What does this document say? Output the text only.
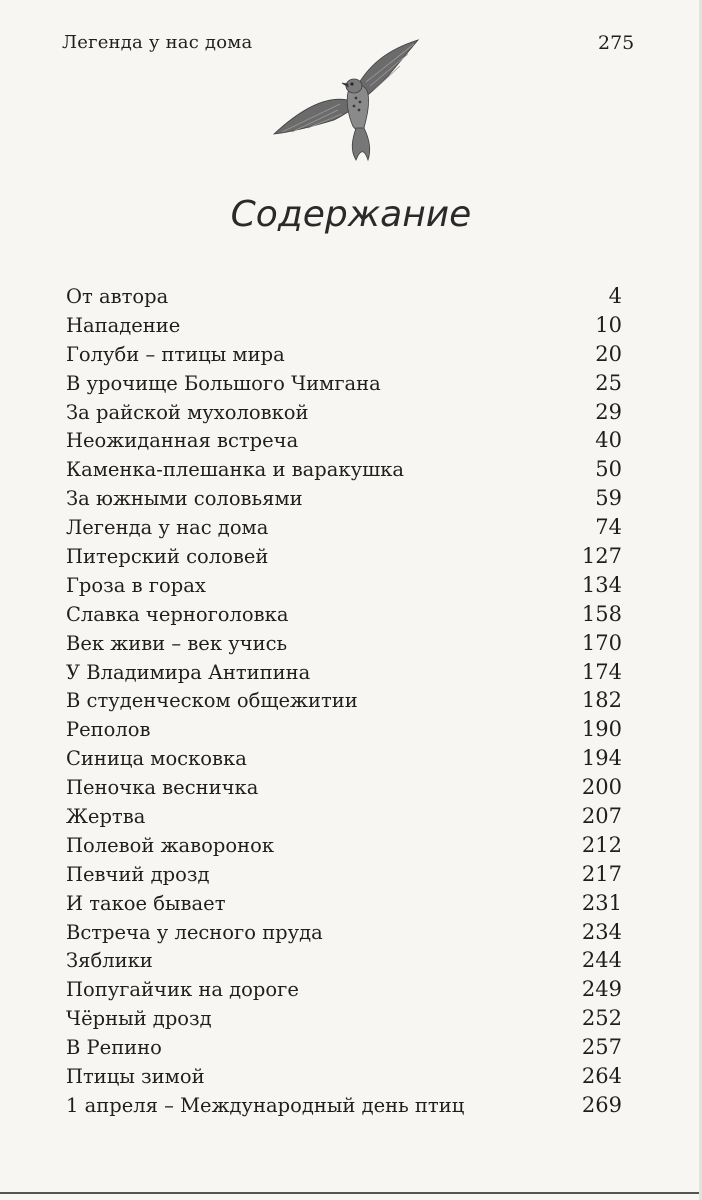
Легенда у нас дома	275
Содержание
От автора	4
Нападение	10
Голуби – птицы мира	20
В урочище Большого Чимгана	25
За райской мухоловкой	29
Неожиданная встреча	40
Каменка-плешанка и варакушка	50
За южными соловьями	59
Легенда у нас дома	74
Питерский соловей	127
Гроза в горах	134
Славка черноголовка	158
Век живи – век учись	170
У Владимира Антипина	174
В студенческом общежитии	182
Реполов	190
Синица московка	194
Пеночка весничка	200
Жертва	207
Полевой жаворонок	212
Певчий дрозд	217
И такое бывает	231
Встреча у лесного пруда	234
Зяблики	244
Попугайчик на дороге	249
Чёрный дрозд	252
В Репино	257
Птицы зимой	264
1 апреля – Международный день птиц	269
